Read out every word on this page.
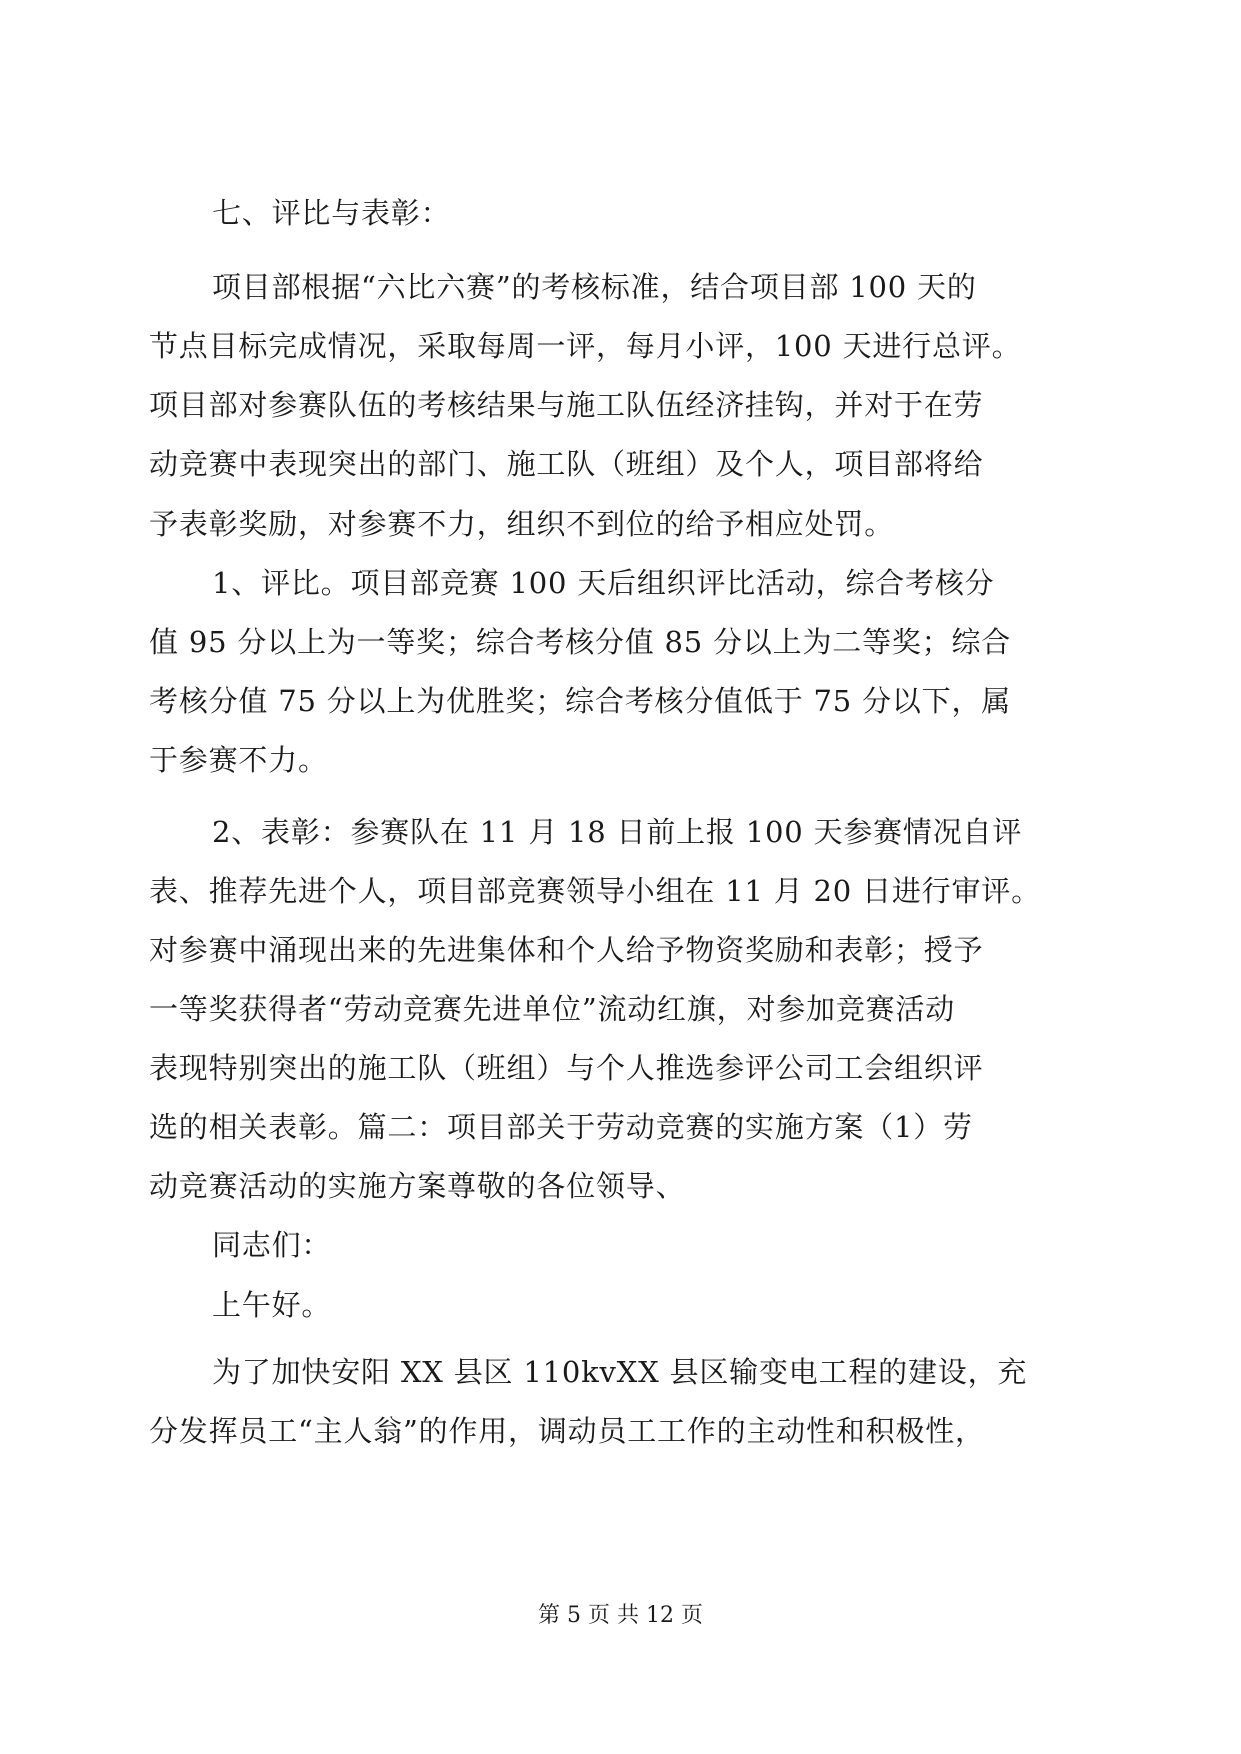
七、评比与表彰：
项目部根据“六比六赛”的考核标准，结合项目部 100 天的
节点目标完成情况，采取每周一评，每月小评，100 天进行总评。
项目部对参赛队伍的考核结果与施工队伍经济挂钩，并对于在劳
动竞赛中表现突出的部门、施工队（班组）及个人，项目部将给
予表彰奖励，对参赛不力，组织不到位的给予相应处罚。
1、评比。项目部竞赛 100 天后组织评比活动，综合考核分
值 95 分以上为一等奖；综合考核分值 85 分以上为二等奖；综合
考核分值 75 分以上为优胜奖；综合考核分值低于 75 分以下，属
于参赛不力。
2、表彰：参赛队在 11 月 18 日前上报 100 天参赛情况自评
表、推荐先进个人，项目部竞赛领导小组在 11 月 20 日进行审评。
对参赛中涌现出来的先进集体和个人给予物资奖励和表彰；授予
一等奖获得者“劳动竞赛先进单位”流动红旗，对参加竞赛活动
表现特别突出的施工队（班组）与个人推选参评公司工会组织评
选的相关表彰。篇二：项目部关于劳动竞赛的实施方案（1）劳
动竞赛活动的实施方案尊敬的各位领导、
同志们：
上午好。
为了加快安阳 XX 县区 110kvXX 县区输变电工程的建设，充
分发挥员工“主人翁”的作用，调动员工工作的主动性和积极性，
第 5 页 共 12 页
